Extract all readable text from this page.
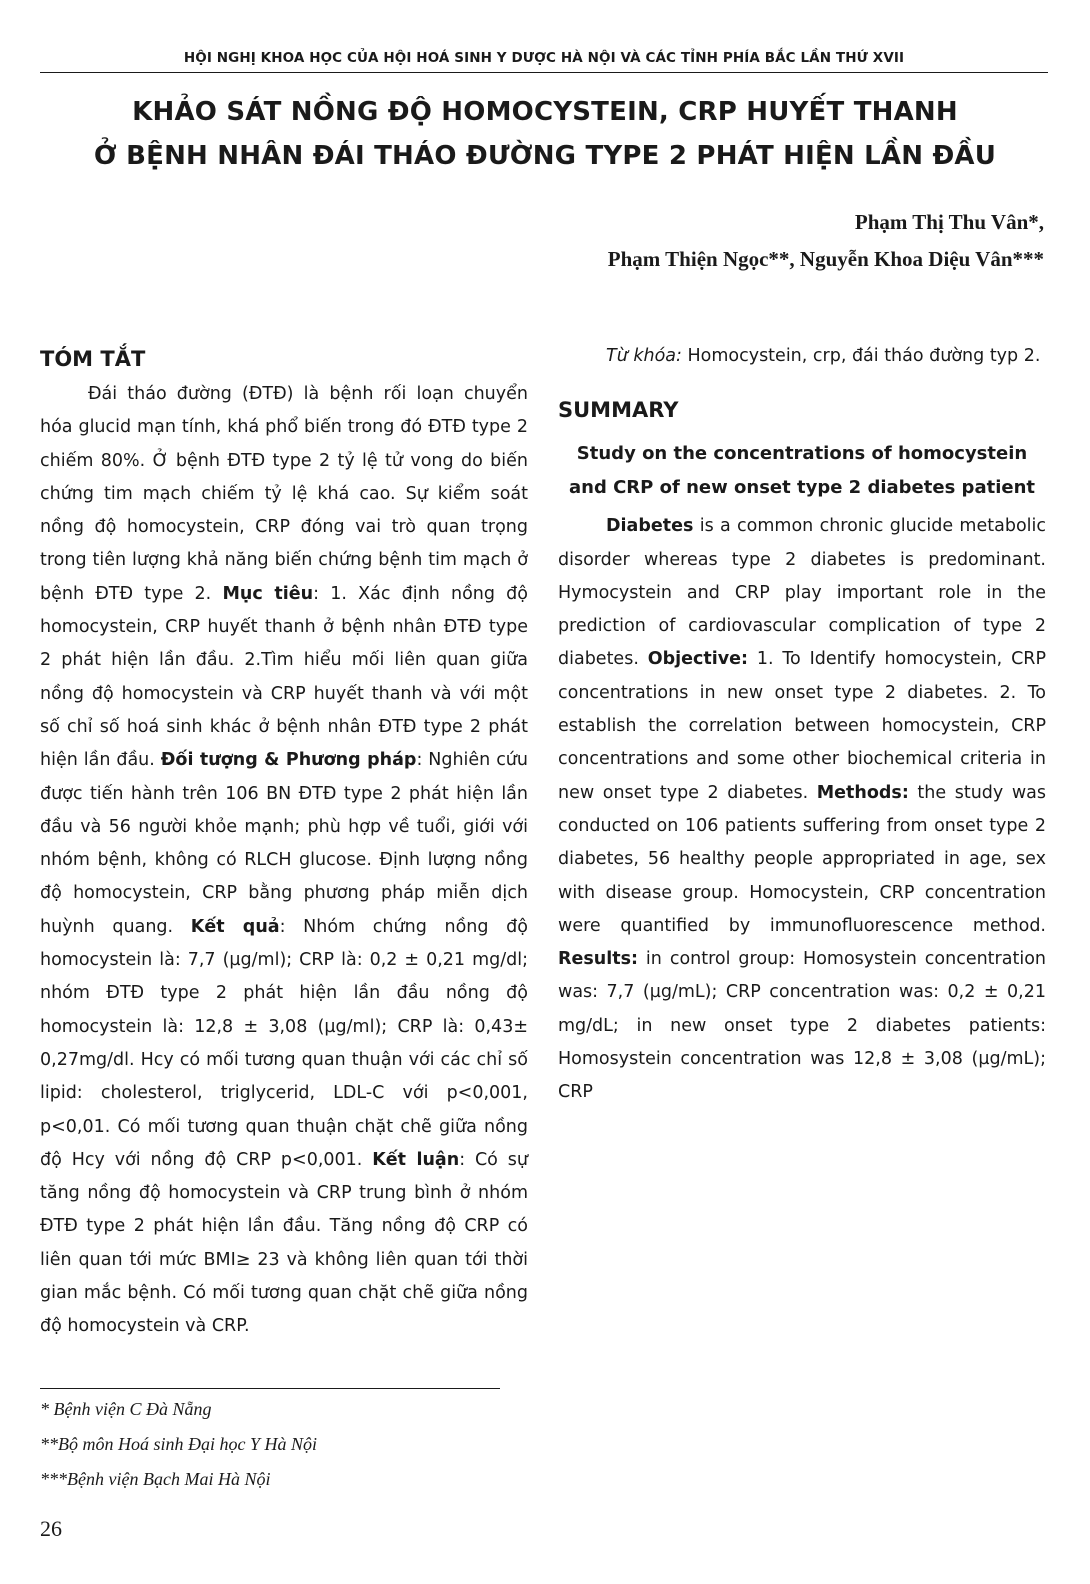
HỘI NGHỊ KHOA HỌC CỦA HỘI HOÁ SINH Y DƯỢC HÀ NỘI VÀ CÁC TỈNH PHÍA BẮC LẦN THỨ XVII
KHẢO SÁT NỒNG ĐỘ HOMOCYSTEIN, CRP HUYẾT THANH
Ở BỆNH NHÂN ĐÁI THÁO ĐƯỜNG TYPE 2 PHÁT HIỆN LẦN ĐẦU
Phạm Thị Thu Vân*,
Phạm Thiện Ngọc**, Nguyễn Khoa Diệu Vân***
TÓM TẮT

Đái tháo đường (ĐTĐ) là bệnh rối loạn chuyển hóa glucid mạn tính, khá phổ biến trong đó ĐTĐ type 2 chiếm 80%. Ở bệnh ĐTĐ type 2 tỷ lệ tử vong do biến chứng tim mạch chiếm tỷ lệ khá cao. Sự kiểm soát nồng độ homocystein, CRP đóng vai trò quan trọng trong tiên lượng khả năng biến chứng bệnh tim mạch ở bệnh ĐTĐ type 2. Mục tiêu: 1. Xác định nồng độ homocystein, CRP huyết thanh ở bệnh nhân ĐTĐ type 2 phát hiện lần đầu. 2.Tìm hiểu mối liên quan giữa nồng độ homocystein và CRP huyết thanh và với một số chỉ số hoá sinh khác ở bệnh nhân ĐTĐ type 2 phát hiện lần đầu. Đối tượng & Phương pháp: Nghiên cứu được tiến hành trên 106 BN ĐTĐ type 2 phát hiện lần đầu và 56 người khỏe mạnh; phù hợp về tuổi, giới với nhóm bệnh, không có RLCH glucose. Định lượng nồng độ homocystein, CRP bằng phương pháp miễn dịch huỳnh quang. Kết quả: Nhóm chứng nồng độ homocystein là: 7,7 (µg/ml); CRP là: 0,2 ± 0,21 mg/dl; nhóm ĐTĐ type 2 phát hiện lần đầu nồng độ homocystein là: 12,8 ± 3,08 (µg/ml); CRP là: 0,43± 0,27mg/dl. Hcy có mối tương quan thuận với các chỉ số lipid: cholesterol, triglycerid, LDL-C với p<0,001, p<0,01. Có mối tương quan thuận chặt chẽ giữa nồng độ Hcy với nồng độ CRP p<0,001. Kết luận: Có sự tăng nồng độ homocystein và CRP trung bình ở nhóm ĐTĐ type 2 phát hiện lần đầu. Tăng nồng độ CRP có liên quan tới mức BMI≥ 23 và không liên quan tới thời gian mắc bệnh. Có mối tương quan chặt chẽ giữa nồng độ homocystein và CRP.

Từ khóa: Homocystein, crp, đái tháo đường typ 2.

SUMMARY
Study on the concentrations of homocystein and CRP of new onset type 2 diabetes patient

Diabetes is a common chronic glucide metabolic disorder whereas type 2 diabetes is predominant. Hymocystein and CRP play important role in the prediction of cardiovascular complication of type 2 diabetes. Objective: 1. To Identify homocystein, CRP concentrations in new onset type 2 diabetes. 2. To establish the correlation between homocystein, CRP concentrations and some other biochemical criteria in new onset type 2 diabetes. Methods: the study was conducted on 106 patients suffering from onset type 2 diabetes, 56 healthy people appropriated in age, sex with disease group. Homocystein, CRP concentration were quantified by immunofluorescence method. Results: in control group: Homosystein concentration was: 7,7 (µg/mL); CRP concentration was: 0,2 ± 0,21 mg/dL; in new onset type 2 diabetes patients: Homosystein concentration was 12,8 ± 3,08 (µg/mL); CRP

* Bệnh viện C Đà Nẵng
**Bộ môn Hoá sinh Đại học Y Hà Nội
***Bệnh viện Bạch Mai Hà Nội
26
